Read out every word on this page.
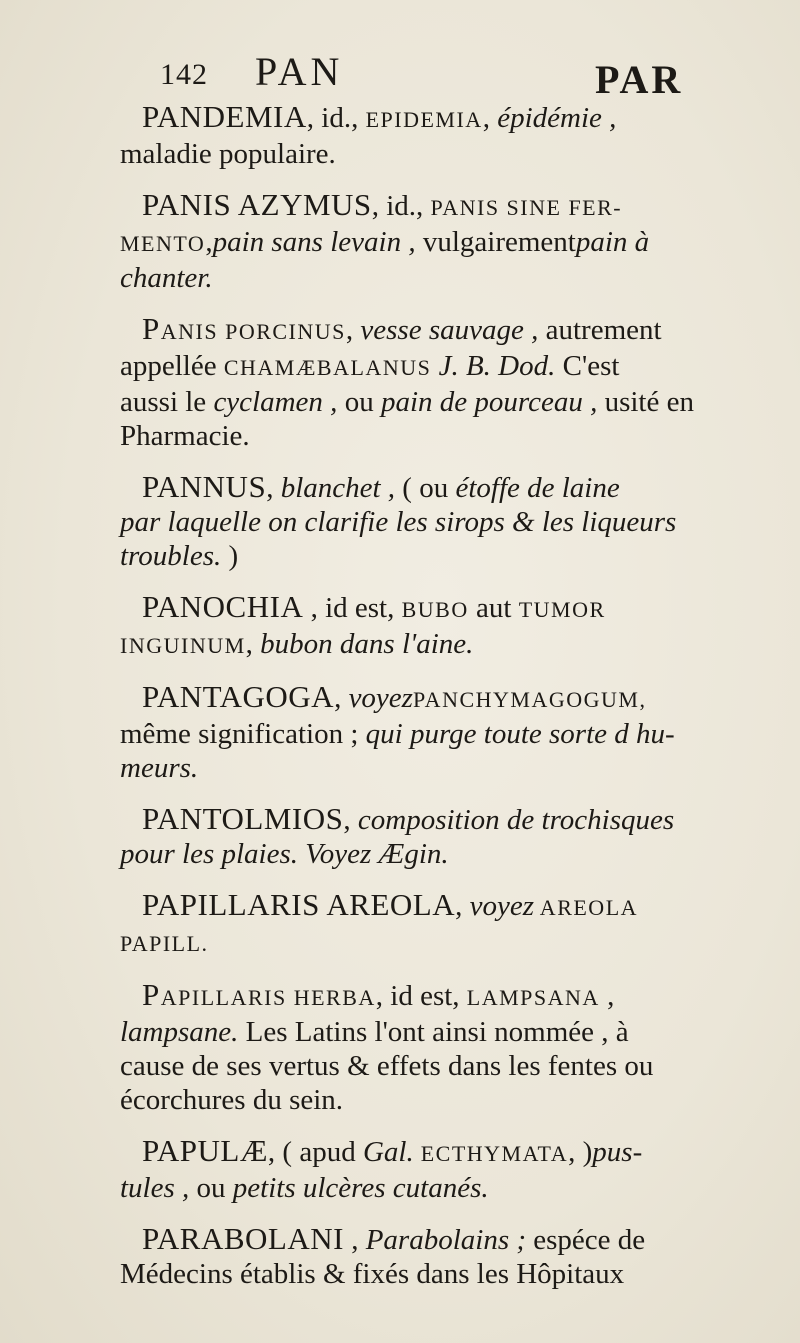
142 PAN	PAR
PANDEMIA, id., EPIDEMIA, épidémie ,
maladie populaire.
PANIS AZYMUS, id., PANIS SINE FER-
MENTO,pain sans levain , vulgairementpain à
chanter.
PANIS PORCINUS, vesse sauvage , autrement
appellée CHAMÆBALANUS J. B. Dod. C'est
aussi le cyclamen , ou pain de pourceau , usité en
Pharmacie.
PANNUS, blanchet , ( ou étoffe de laine
par laquelle on clarifie les sirops & les liqueurs
troubles. )
PANOCHIA , id est, BUBO aut TUMOR
INGUINUM, bubon dans l'aine.
PANTAGOGA, voyezPANCHYMAGOGUM,
même signification ; qui purge toute sorte d hu-
meurs.
PANTOLMIOS, composition de trochisques
pour les plaies. Voyez Ægin.
PAPILLARIS AREOLA, voyez AREOLA
PAPILL.
PAPILLARIS HERBA, id est, LAMPSANA ,
lampsane. Les Latins l'ont ainsi nommée , à
cause de ses vertus & effets dans les fentes ou
écorchures du sein.
PAPULÆ, ( apud Gal. ECTHYMATA, )pus-
tules , ou petits ulcères cutanés.
PARABOLANI , Parabolains ; espéce de
Médecins établis & fixés dans les Hôpitaux
